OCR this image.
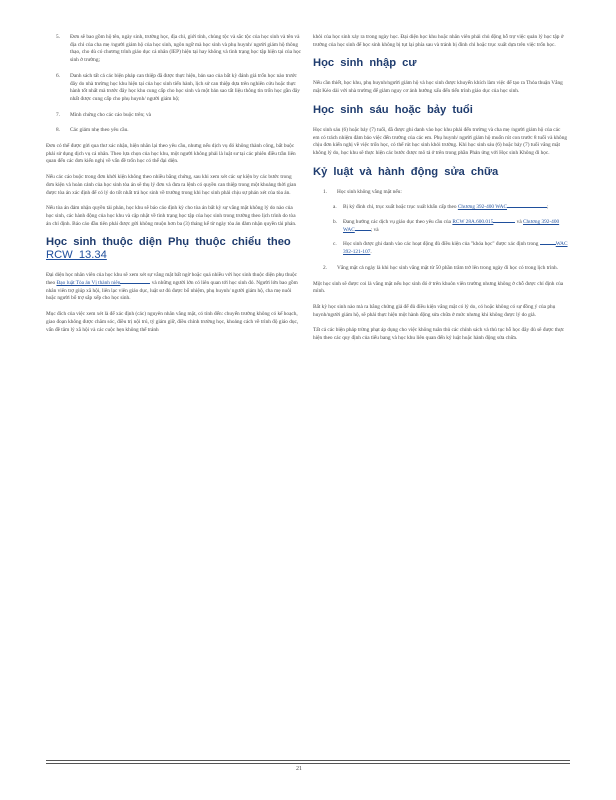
5.	Đơn sẽ bao gồm hộ tên, ngày sinh, trường học, địa chỉ, giới tính, chủng tộc và sắc tộc của học sinh và tên và địa chỉ của cha mẹ /người giám hộ của học sinh, ngôn ngữ mà học sinh và phụ huynh/ người giám hộ thông thạo, cho dù có chương trình giáo dục cá nhân (IEP) hiện tại hay không và tình trạng học tập hiện tại của học sinh ở trường;
6.	Danh sách tất cả các biện pháp can thiệp đã được thực hiện, bản sao của bất kỳ đánh giá trốn học nào trước đây do nhà trường học khu hiện tại của học sinh tiến hành, lịch sử can thiệp dựa trên nghiên cứu hoặc thực hành tốt nhất mà trước đây học khu cung cấp cho học sinh và một bản sao tất liệu thông tin trốn học gần đây nhất được cung cấp cho phụ huynh/ người giám hộ;
7.	Mình chứng cho các cáo buộc trên; và
8.	Các giảm nhẹ theo yêu cầu.

Đơn có thể được gửi qua thư xác nhận, hiện nhân lại theo yêu cầu, nhưng nếu dịch vụ đó không thành công, bất buộc phải sử dụng dịch vụ cá nhân. Theo lựa chọn của học khu, một người không phải là luật sư tại các phiên điều trần liên quan đến các đơn kiến nghị về vấn đề trốn học có thể đại diện.

Nếu các cáo buộc trong đơn khởi kiện không theo nhiều bằng chứng, sau khi xem xét các sự kiện by các bước trong đơn kiện và hoàn cảnh của học sinh tòa án sẽ thụ lý đơn và đưa ra lệnh có quyền can thiệp trong một khoảng thời gian được tòa án xác định để có lý do tốt nhất trả học sinh về trường trong khi học sinh phải chịu sự phán xét của tòa án.

Nếu tòa án đảm nhận quyền tài phán, học khu sẽ báo cáo định kỳ cho tòa án bất kỳ sự vắng mặt không lý do nào của học sinh, các hành động của học khu và cập nhật về tình trạng học tập của học sinh trong trường theo lịch trình do tòa án chỉ định. Báo cáo đầu tiên phải được gửi không muộn hơn ba (3) tháng kể từ ngày tòa án đảm nhận quyền tài phán.

Học sinh thuộc diện Phụ thuộc chiểu theo RCW 13.34

Đại diện học nhân viên của học khu sẽ xem xét sự vắng mặt bất ngờ hoặc quá nhiều với học sinh thuộc diện phụ thuộc theo Đạo luật Tòa án Vị thành niên	và những người lớn có liên quan tới học sinh đó. Người lớn bao gồm nhân viên trợ giúp xã hội, liên lạc viên giáo dục, luật sư đủ được bổ nhiệm, phụ huynh/ người giám hộ, cha mẹ nuôi hoặc người bổ trợ sắp xếp cho học sinh.

Mục đích của việc xem xét là để xác định (các) nguyên nhân vắng mặt, có tính đến: chuyển trường không có kế hoạch, giao đoạn không được chăm sóc, điều trị nội trú, tỷ giám giữ, điều chỉnh trường học, khoảng cách về trình độ giáo dục, vấn đề tâm lý xã hội và các cuộc hẹn không thể tránh

khỏi của học sinh xảy ra trong ngày học. Đại diện học khu hoặc nhân viên phải chủ động hỗ trợ việc quản lý học tập ở trường của học sinh để học sinh không bị tụt lại phía sau và tránh bị đình chỉ hoặc trục xuất dựa trên việc trốn học.

Học sinh nhập cư

Nếu cần thiết, học khu, phụ huynh/người giám hộ và học sinh được khuyến khích làm việc để tạo ra Thỏa thuận Vắng mặt Kéo dài với nhà trường để giảm nguy cơ ảnh hưởng xấu đến tiến trình giáo dục của học sinh.

Học sinh sáu hoặc bảy tuổi

Học sinh sáu (6) hoặc bảy (7) tuổi, đã được ghi danh vào học khu phải đến trường và cha mẹ /người giám hộ của các em có trách nhiệm đảm bảo việc đến trường của các em. Phụ huynh/ người giám hộ muốn rút con trước 8 tuổi và không chịu đơn kiến nghị về việc trốn học, có thể rút học sinh khỏi trường. Khi học sinh sáu (6) hoặc bảy (7) tuổi vắng mặt không lý do, học khu sẽ thực hiện các bước được mô tả ở trên trong phần Phản ứng với Học sinh Không đi học.

Kỷ luật và hành động sửa chữa
1.	Học sinh không vắng mặt nếu:
a.	Bị kỷ đình chỉ, trục xuất hoặc trục xuất khẩn cấp theo Chương 392-400 WAC	;
b.	Đang hưởng các dịch vụ giáo dục theo yêu cầu của RCW 28A.600.015	và Chương 392-400 WAC	; và
c.	Học sinh được ghi danh vào các hoạt động đủ điều kiện của "khóa học" được xác định trong	WAC 392-121-107.
2.	Vắng mặt cả ngày là khi học sinh vắng mặt từ 50 phần trăm trở lên trong ngày đi học có trong lịch trình.

Một học sinh sẽ được coi là vắng mặt nếu học sinh đó ở trên khuôn viên trường nhưng không ở chỗ được chỉ định của mình.

Bất kỳ học sinh nào mà ra bằng chứng giả để đủ điều kiện vắng mặt có lý do, có hoặc không có sự đồng ý của phụ huynh/người giám hộ, sẽ phải thực hiện một hành động sửa chữa ở mức nhưng khi không được lý do giả.

Tất cả các biện pháp trừng phạt áp dụng cho việc không tuân thủ các chính sách và thủ tục hỗ học đây đủ sẽ được thực hiện theo các quy định của tiểu bang và học khu liên quan đến kỷ luật hoặc hành động sửa chữa.

21
